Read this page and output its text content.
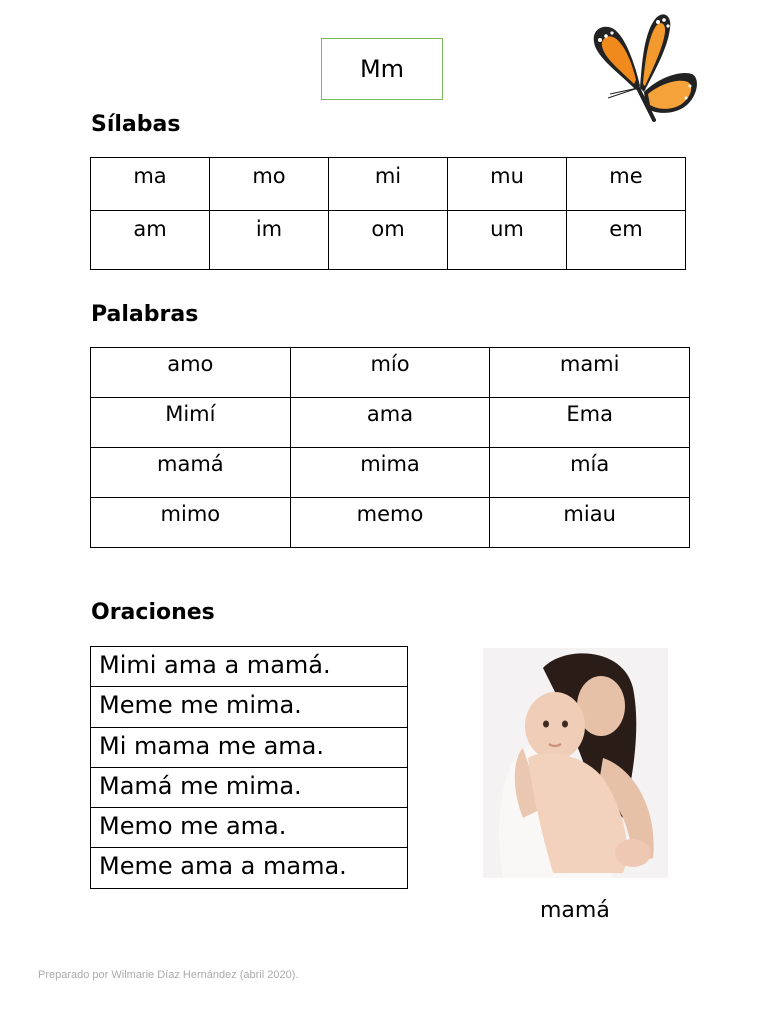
Mm
Sílabas
ma	mo	mi	mu	me
am	im	om	um	em
Palabras
amo	mío	mami
Mimí	ama	Ema
mamá	mima	mía
mimo	memo	miau
Oraciones
Mimi ama a mamá.
Meme me mima.
Mi mama me ama.
Mamá me mima.
Memo me ama.
Meme ama a mama.
mamá
Preparado por Wilmarie Díaz Hernández (abril 2020).
